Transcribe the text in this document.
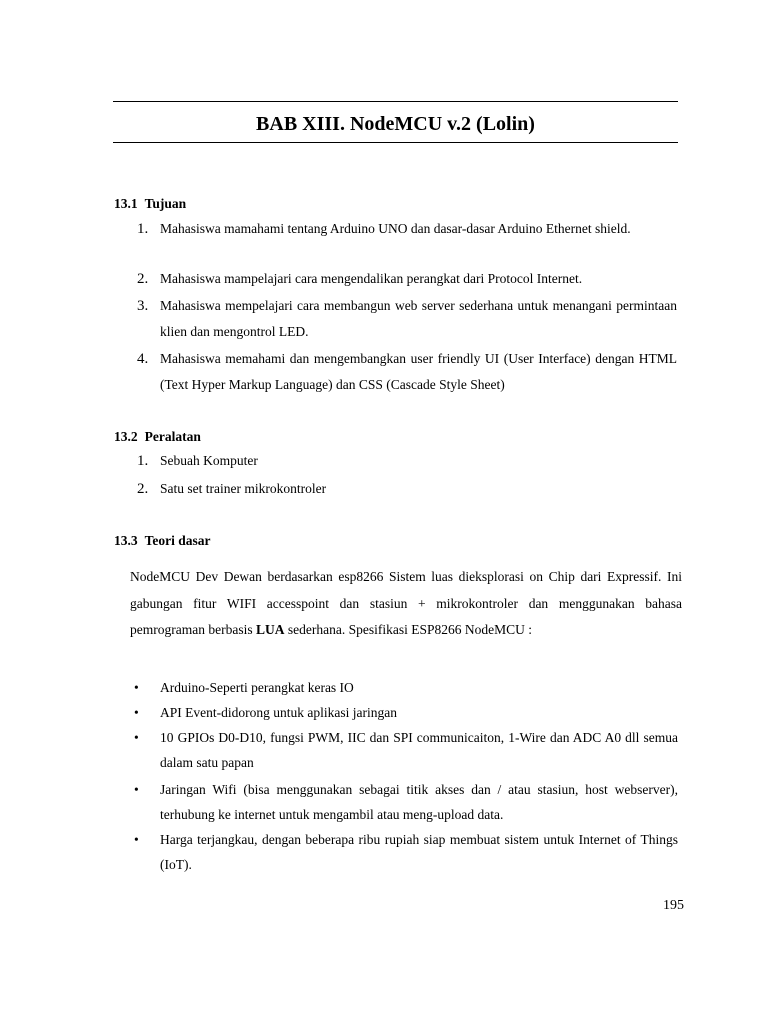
BAB XIII. NodeMCU v.2 (Lolin)
13.1 Tujuan
1. Mahasiswa mamahami tentang Arduino UNO dan dasar-dasar Arduino Ethernet shield.
2. Mahasiswa mampelajari cara mengendalikan perangkat dari Protocol Internet.
3. Mahasiswa mempelajari cara membangun web server sederhana untuk menangani permintaan klien dan mengontrol LED.
4. Mahasiswa memahami dan mengembangkan user friendly UI (User Interface) dengan HTML (Text Hyper Markup Language) dan CSS (Cascade Style Sheet)
13.2 Peralatan
1. Sebuah Komputer
2. Satu set trainer mikrokontroler
13.3 Teori dasar

NodeMCU Dev Dewan berdasarkan esp8266 Sistem luas dieksplorasi on Chip dari Expressif. Ini gabungan fitur WIFI accesspoint dan stasiun + mikrokontroler dan menggunakan bahasa pemrograman berbasis LUA sederhana. Spesifikasi ESP8266 NodeMCU :

•	Arduino-Seperti perangkat keras IO
•	API Event-didorong untuk aplikasi jaringan
•	10 GPIOs D0-D10, fungsi PWM, IIC dan SPI communicaiton, 1-Wire dan ADC A0 dll semua dalam satu papan
•	Jaringan Wifi (bisa menggunakan sebagai titik akses dan / atau stasiun, host webserver), terhubung ke internet untuk mengambil atau meng-upload data.
•	Harga terjangkau, dengan beberapa ribu rupiah siap membuat sistem untuk Internet of Things (IoT).
195
